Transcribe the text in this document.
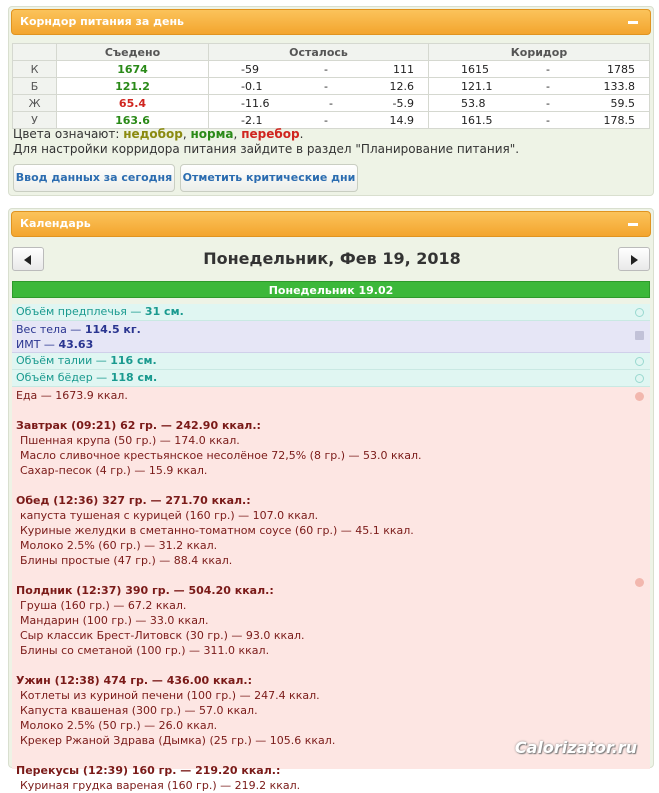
Корндор питания за день
	Съедено	Осталось	Коридор
К	1674	-59 - 111	1615 - 1785

Б	121.2	-0.1 - 12.6	121.1 - 133.8

Ж	65.4	-11.6 - -5.9	53.8 - 59.5

У	163.6	-2.1 - 14.9	161.5 - 178.5
Цвета означают: недобор, норма, перебор.
Для настройки корридора питания зайдите в раздел "Планирование питания".
Ввод данных за сегодня Отметить критические дни
Календарь
Понедельник, Фев 19, 2018
Понедельник 19.02
Объём предплечья — 31 см.
Вес тела — 114.5 кг.
ИМТ — 43.63
Объём талии — 116 см.
Объём бёдер — 118 см.
Еда — 1673.9 ккал.
Завтрак (09:21) 62 гр. — 242.90 ккал.:
Пшенная крупа (50 гр.) — 174.0 ккал.
Масло сливочное крестьянское несолёное 72,5% (8 гр.) — 53.0 ккал.
Сахар-песок (4 гр.) — 15.9 ккал.
Обед (12:36) 327 гр. — 271.70 ккал.:
капуста тушеная с курицей (160 гр.) — 107.0 ккал.
Куриные желудки в сметанно-томатном соусе (60 гр.) — 45.1 ккал.
Молоко 2.5% (60 гр.) — 31.2 ккал.
Блины простые (47 гр.) — 88.4 ккал.
Полдник (12:37) 390 гр. — 504.20 ккал.:
Груша (160 гр.) — 67.2 ккал.
Мандарин (100 гр.) — 33.0 ккал.
Сыр классик Брест-Литовск (30 гр.) — 93.0 ккал.
Блины со сметаной (100 гр.) — 311.0 ккал.
Ужин (12:38) 474 гр. — 436.00 ккал.:
Котлеты из куриной печени (100 гр.) — 247.4 ккал.
Капуста квашеная (300 гр.) — 57.0 ккал.
Молоко 2.5% (50 гр.) — 26.0 ккал.
Крекер Ржаной Здрава (Дымка) (25 гр.) — 105.6 ккал.
Перекусы (12:39) 160 гр. — 219.20 ккал.:
Куриная грудка вареная (160 гр.) — 219.2 ккал.
Calorizator.ru
